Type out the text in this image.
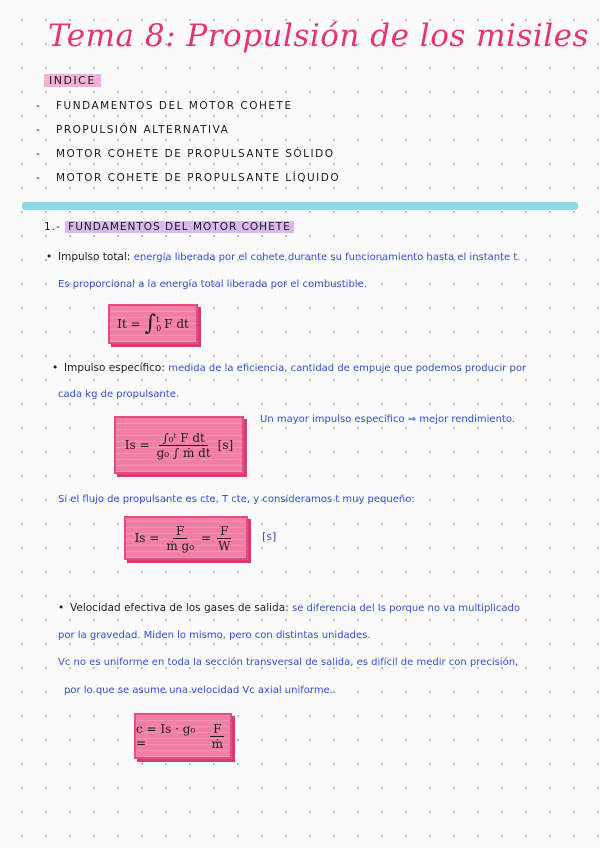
Tema 8: Propulsión de los misiles
INDICE
- FUNDAMENTOS DEL MOTOR COHETE
- PROPULSIÓN ALTERNATIVA
- MOTOR COHETE DE PROPULSANTE SÓLIDO
- MOTOR COHETE DE PROPULSANTE LÍQUIDO
1.- FUNDAMENTOS DEL MOTOR COHETE
• Impulso total: energía liberada por el cohete durante su funcionamiento hasta el instante t.
Es proporcional a la energía total liberada por el combustible.
It = ∫ t
0 F dt
• Impulso específico: medida de la eficiencia, cantidad de empuje que podemos producir por
cada kg de propulsante.
$Is = \frac{\text{∫₀ᵗ F dt}}{\text{g₀ ∫ ṁ dt}} [s]$
Un mayor impulso específico ⇒ mejor rendimiento.
Si el flujo de propulsante es cte, T cte, y consideramos t muy pequeño:
$Is = \frac{F}{\text{ṁ g₀}} = \frac{F}{W}$	[s]
• Velocidad efectiva de los gases de salida: se diferencia del Is porque no va multiplicado
por la gravedad. Miden lo mismo, pero con distintas unidades.
Vc no es uniforme en toda la sección transversal de salida, es difícil de medir con precisión,
por lo que se asume una velocidad Vc axial uniforme.
c = Is · g₀ =	$\frac{F}{\text{ṁ}}$
